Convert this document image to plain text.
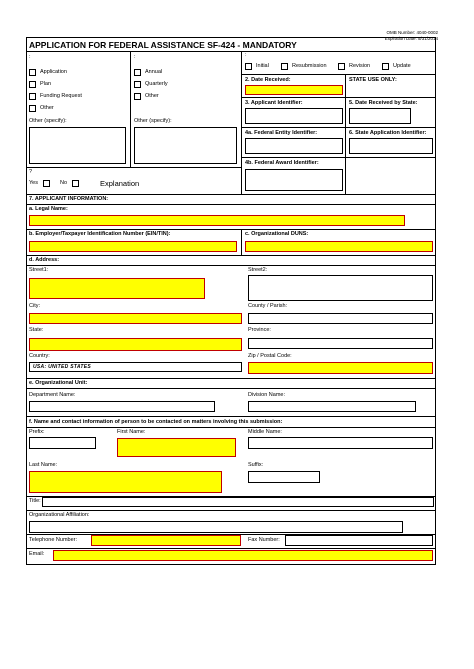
OMB Number: 4040-0002
Expiration Date: 5/31/2014
APPLICATION FOR FEDERAL ASSISTANCE SF-424 - MANDATORY
:
Application
Plan
Funding Request
Other
Other (specify):
:
Annual
Quarterly
Other
Other (specify):
:
Initial	Resubmission	Revision	Update
2. Date Received:	STATE USE ONLY:
3. Applicant Identifier:	5. Date Received by State:
4a. Federal Entity Identifier:	6. State Application Identifier:
4b. Federal Award Identifier:
?
Yes	No	Explanation
7. APPLICANT INFORMATION:
a. Legal Name:
b. Employer/Taxpayer Identification Number (EIN/TIN):	c. Organizational DUNS:
d. Address:
Street1:	Street2:
City:	County / Parish:
State:	Province:
Country:
USA: UNITED STATES
Zip / Postal Code:
e. Organizational Unit:
Department Name:	Division Name:
f. Name and contact information of person to be contacted on matters involving this submission:
Prefix:	First Name:	Middle Name:
Last Name:	Suffix:
Title:
Organizational Affiliation:
Telephone Number:	Fax Number:
Email:
